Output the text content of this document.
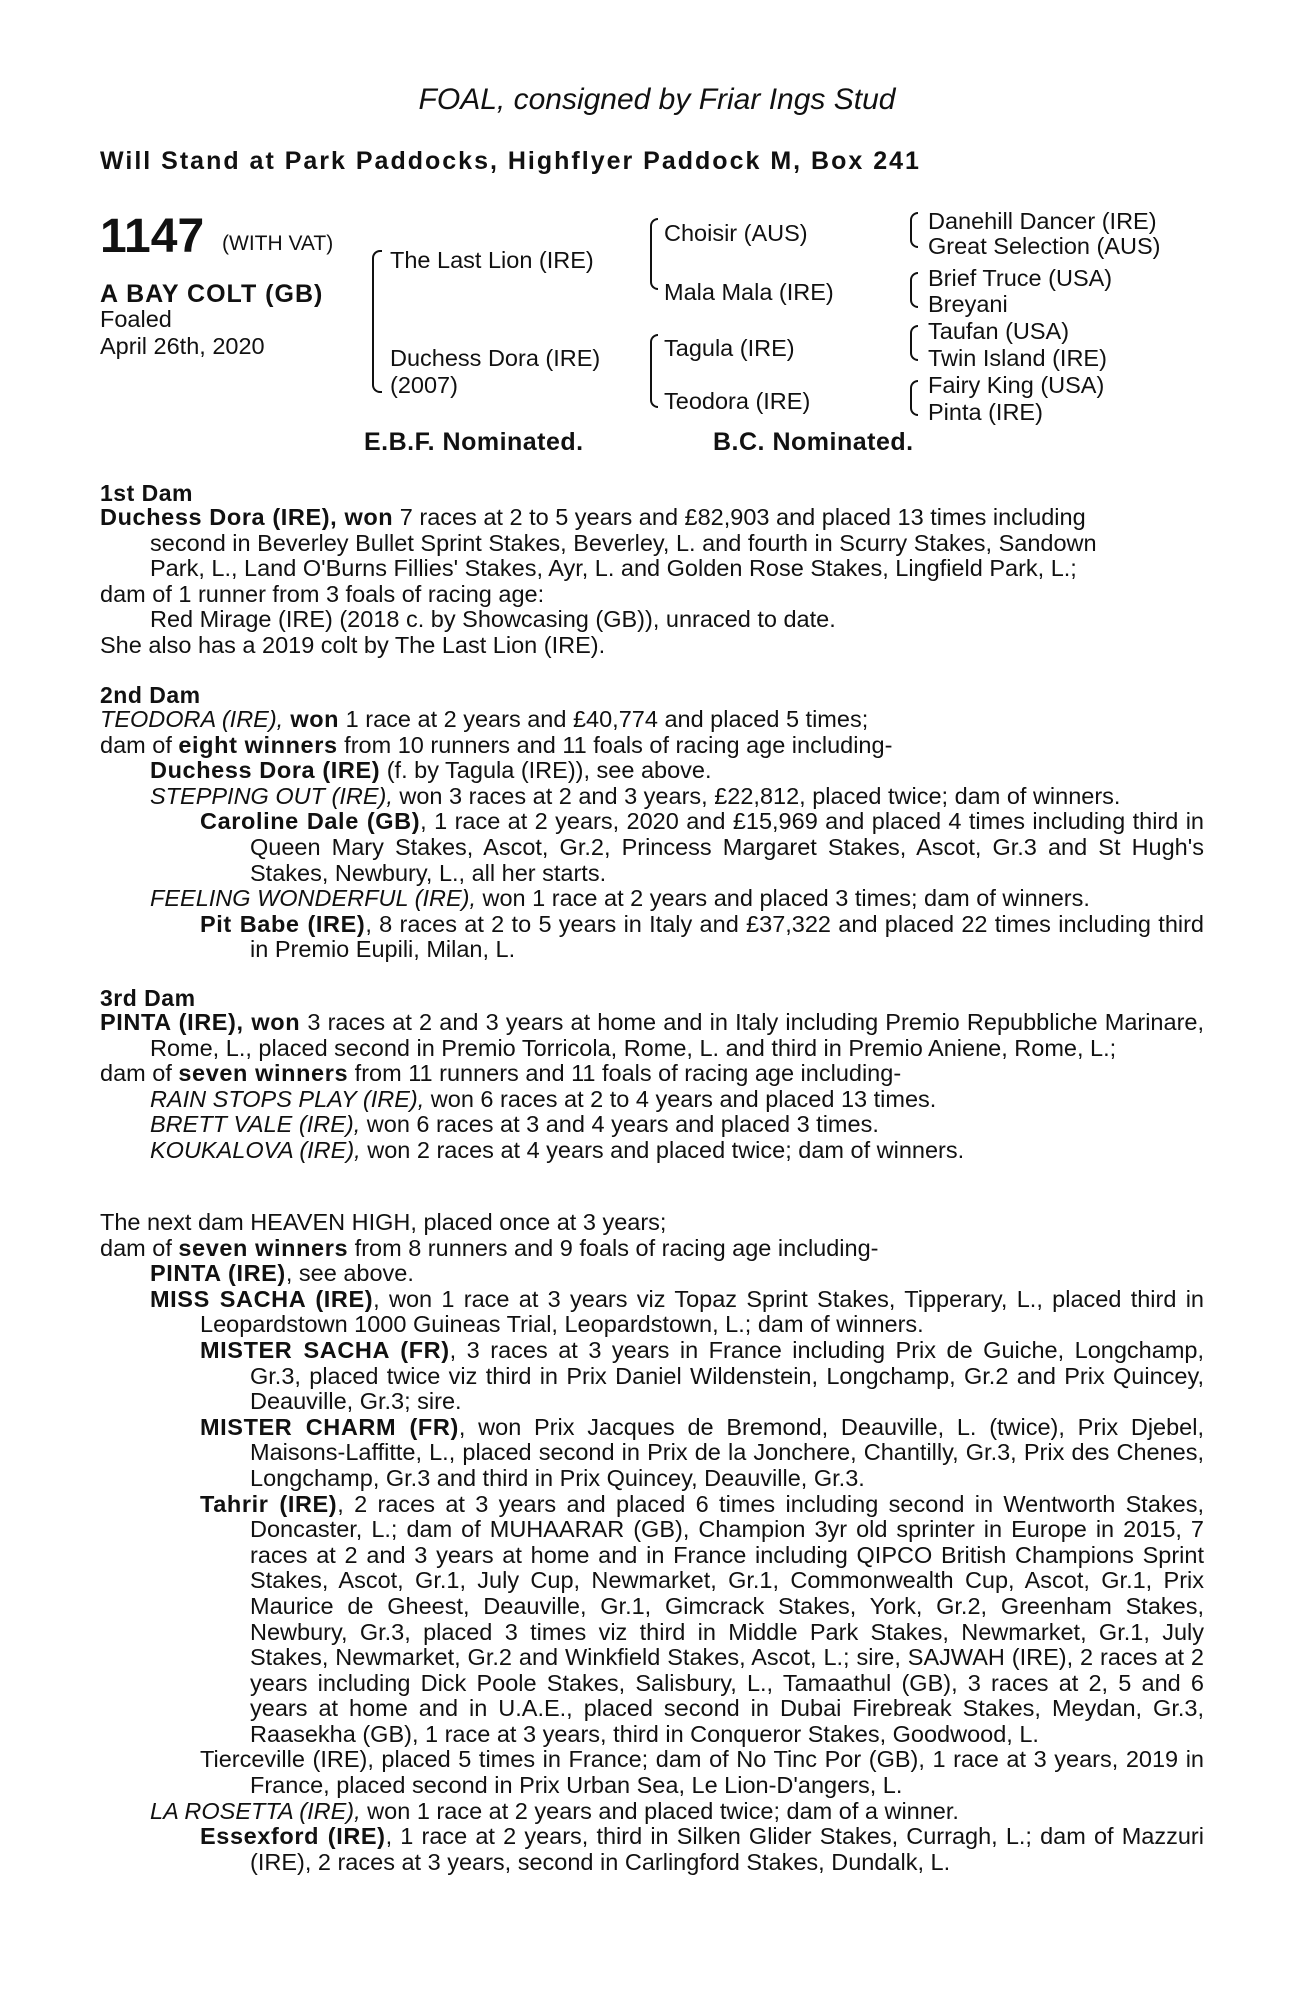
FOAL, consigned by Friar Ings Stud
Will Stand at Park Paddocks, Highflyer Paddock M, Box 241
1147 (WITH VAT)
A BAY COLT (GB)
Foaled
April 26th, 2020
The Last Lion (IRE)
Duchess Dora (IRE)
(2007)
Choisir (AUS)
Mala Mala (IRE)
Tagula (IRE)
Teodora (IRE)
Danehill Dancer (IRE)
Great Selection (AUS)
Brief Truce (USA)
Breyani
Taufan (USA)
Twin Island (IRE)
Fairy King (USA)
Pinta (IRE)
E.B.F. Nominated.	B.C. Nominated.
1st Dam

Duchess Dora (IRE), won 7 races at 2 to 5 years and £82,903 and placed 13 times including

second in Beverley Bullet Sprint Stakes, Beverley, L. and fourth in Scurry Stakes, Sandown

Park, L., Land O'Burns Fillies' Stakes, Ayr, L. and Golden Rose Stakes, Lingfield Park, L.;

dam of 1 runner from 3 foals of racing age:

Red Mirage (IRE) (2018 c. by Showcasing (GB)), unraced to date.

She also has a 2019 colt by The Last Lion (IRE).

2nd Dam

TEODORA (IRE), won 1 race at 2 years and £40,774 and placed 5 times;

dam of eight winners from 10 runners and 11 foals of racing age including-

Duchess Dora (IRE) (f. by Tagula (IRE)), see above.

STEPPING OUT (IRE), won 3 races at 2 and 3 years, £22,812, placed twice; dam of winners.

Caroline Dale (GB), 1 race at 2 years, 2020 and £15,969 and placed 4 times including third in Queen Mary Stakes, Ascot, Gr.2, Princess Margaret Stakes, Ascot, Gr.3 and St Hugh's Stakes, Newbury, L., all her starts.

FEELING WONDERFUL (IRE), won 1 race at 2 years and placed 3 times; dam of winners.

Pit Babe (IRE), 8 races at 2 to 5 years in Italy and £37,322 and placed 22 times including third in Premio Eupili, Milan, L.

3rd Dam

PINTA (IRE), won 3 races at 2 and 3 years at home and in Italy including Premio Repubbliche Marinare, Rome, L., placed second in Premio Torricola, Rome, L. and third in Premio Aniene, Rome, L.;

dam of seven winners from 11 runners and 11 foals of racing age including-

RAIN STOPS PLAY (IRE), won 6 races at 2 to 4 years and placed 13 times.

BRETT VALE (IRE), won 6 races at 3 and 4 years and placed 3 times.

KOUKALOVA (IRE), won 2 races at 4 years and placed twice; dam of winners.

The next dam HEAVEN HIGH, placed once at 3 years;

dam of seven winners from 8 runners and 9 foals of racing age including-

PINTA (IRE), see above.

MISS SACHA (IRE), won 1 race at 3 years viz Topaz Sprint Stakes, Tipperary, L., placed third in Leopardstown 1000 Guineas Trial, Leopardstown, L.; dam of winners.

MISTER SACHA (FR), 3 races at 3 years in France including Prix de Guiche, Longchamp, Gr.3, placed twice viz third in Prix Daniel Wildenstein, Longchamp, Gr.2 and Prix Quincey, Deauville, Gr.3; sire.

MISTER CHARM (FR), won Prix Jacques de Bremond, Deauville, L. (twice), Prix Djebel, Maisons-Laffitte, L., placed second in Prix de la Jonchere, Chantilly, Gr.3, Prix des Chenes, Longchamp, Gr.3 and third in Prix Quincey, Deauville, Gr.3.

Tahrir (IRE), 2 races at 3 years and placed 6 times including second in Wentworth Stakes, Doncaster, L.; dam of MUHAARAR (GB), Champion 3yr old sprinter in Europe in 2015, 7 races at 2 and 3 years at home and in France including QIPCO British Champions Sprint Stakes, Ascot, Gr.1, July Cup, Newmarket, Gr.1, Commonwealth Cup, Ascot, Gr.1, Prix Maurice de Gheest, Deauville, Gr.1, Gimcrack Stakes, York, Gr.2, Greenham Stakes, Newbury, Gr.3, placed 3 times viz third in Middle Park Stakes, Newmarket, Gr.1, July Stakes, Newmarket, Gr.2 and Winkfield Stakes, Ascot, L.; sire, SAJWAH (IRE), 2 races at 2 years including Dick Poole Stakes, Salisbury, L., Tamaathul (GB), 3 races at 2, 5 and 6 years at home and in U.A.E., placed second in Dubai Firebreak Stakes, Meydan, Gr.3, Raasekha (GB), 1 race at 3 years, third in Conqueror Stakes, Goodwood, L.

Tierceville (IRE), placed 5 times in France; dam of No Tinc Por (GB), 1 race at 3 years, 2019 in France, placed second in Prix Urban Sea, Le Lion-D'angers, L.

LA ROSETTA (IRE), won 1 race at 2 years and placed twice; dam of a winner.

Essexford (IRE), 1 race at 2 years, third in Silken Glider Stakes, Curragh, L.; dam of Mazzuri (IRE), 2 races at 3 years, second in Carlingford Stakes, Dundalk, L.
